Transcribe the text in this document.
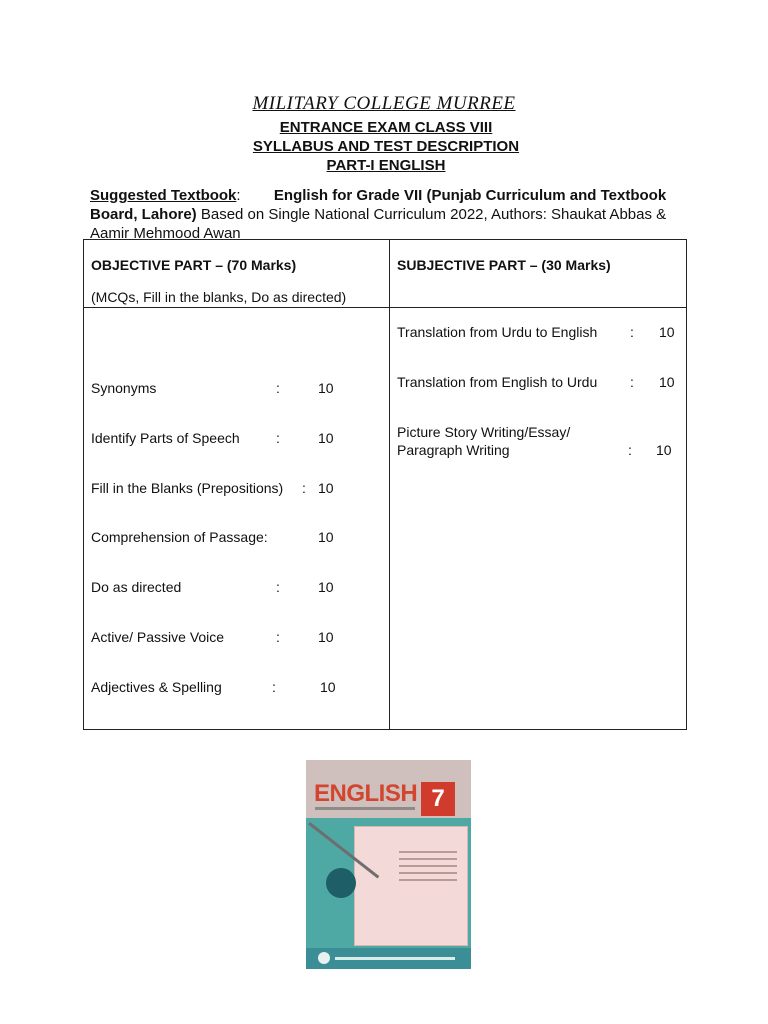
MILITARY COLLEGE MURREE
ENTRANCE EXAM CLASS VIII
SYLLABUS AND TEST DESCRIPTION
PART-I ENGLISH
Suggested Textbook: English for Grade VII (Punjab Curriculum and Textbook Board, Lahore) Based on Single National Curriculum 2022, Authors: Shaukat Abbas & Aamir Mehmood Awan
OBJECTIVE PART – (70 Marks)
(MCQs, Fill in the blanks, Do as directed)
SUBJECTIVE PART – (30 Marks)
Synonyms	:	10
Identify Parts of Speech	:	10
Fill in the Blanks (Prepositions) : 10
Comprehension of Passage:	10
Do as directed	:	10
Active/ Passive Voice	:	10
Adjectives & Spelling	:	10
Translation from Urdu to English : 10
Translation from English to Urdu : 10
Picture Story Writing/Essay/
Paragraph Writing	: 10
ENGLISH 7
